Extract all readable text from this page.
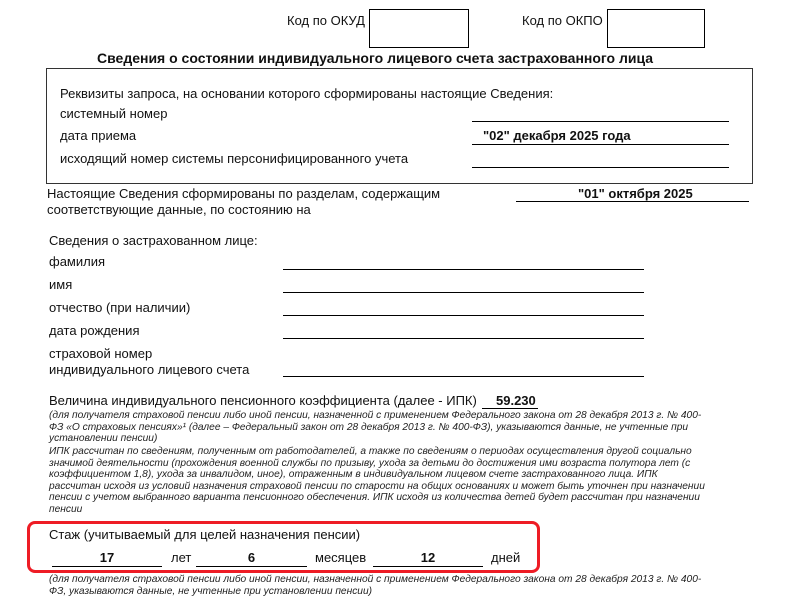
Код по ОКУД	Код по ОКПО
Сведения о состоянии индивидуального лицевого счета застрахованного лица
Реквизиты запроса, на основании которого сформированы настоящие Сведения:
системный номер
дата приема	"02" декабря 2025 года
исходящий номер системы персонифицированного учета
Настоящие Сведения сформированы по разделам, содержащим
соответствующие данные, по состоянию на
"01" октября 2025
Сведения о застрахованном лице:
фамилия
имя
отчество (при наличии)
дата рождения
страховой номер
индивидуального лицевого счета
Величина индивидуального пенсионного коэффициента (далее - ИПК) 59.230
(для получателя страховой пенсии либо иной пенсии, назначенной с применением Федерального закона от 28 декабря 2013 г. № 400-
ФЗ «О страховых пенсиях»¹ (далее – Федеральный закон от 28 декабря 2013 г. № 400-ФЗ), указываются данные, не учтенные при
установлении пенсии)
ИПК рассчитан по сведениям, полученным от работодателей, а также по сведениям о периодах осуществления другой социально
значимой деятельности (прохождения военной службы по призыву, ухода за детьми до достижения ими возраста полутора лет (с
коэффициентом 1,8), ухода за инвалидом, иное), отраженным в индивидуальном лицевом счете застрахованного лица. ИПК
рассчитан исходя из условий назначения страховой пенсии по старости на общих основаниях и может быть уточнен при назначении
пенсии с учетом выбранного варианта пенсионного обеспечения. ИПК исходя из количества детей будет рассчитан при назначении
пенсии
Стаж (учитываемый для целей назначения пенсии)
17	лет	6	месяцев	12	дней
(для получателя страховой пенсии либо иной пенсии, назначенной с применением Федерального закона от 28 декабря 2013 г. № 400-
ФЗ, указываются данные, не учтенные при установлении пенсии)
